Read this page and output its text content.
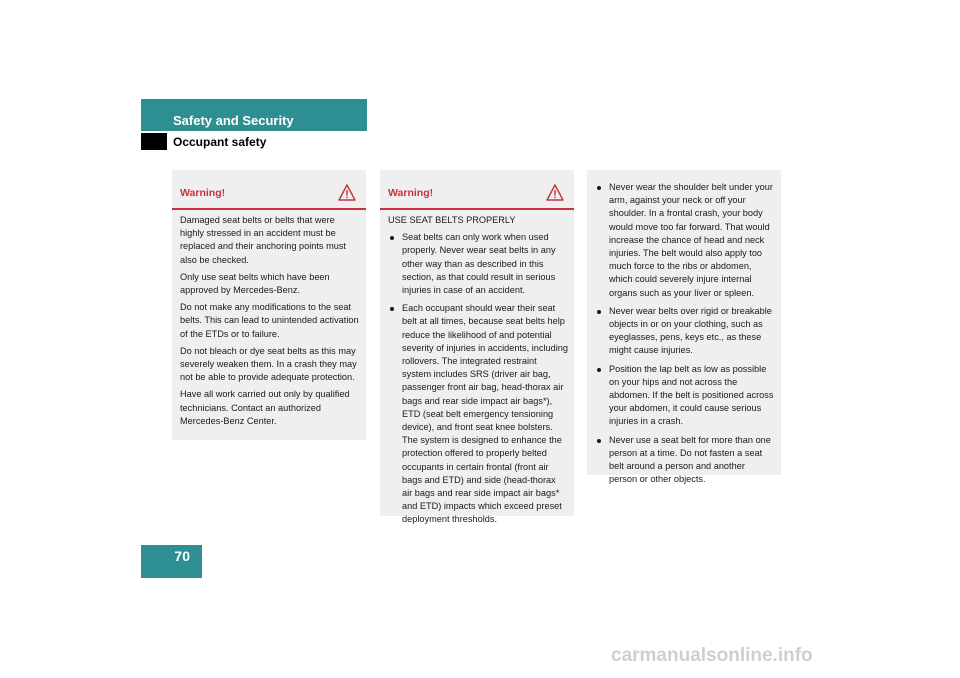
Safety and Security
Occupant safety
Warning!

Damaged seat belts or belts that were highly stressed in an accident must be replaced and their anchoring points must also be checked.

Only use seat belts which have been approved by Mercedes-Benz.

Do not make any modifications to the seat belts. This can lead to unintended activation of the ETDs or to failure.

Do not bleach or dye seat belts as this may severely weaken them. In a crash they may not be able to provide adequate protection.

Have all work carried out only by qualified technicians. Contact an authorized Mercedes-Benz Center.

Warning!
USE SEAT BELTS PROPERLY
Seat belts can only work when used properly. Never wear seat belts in any other way than as described in this section, as that could result in serious injuries in case of an accident.
Each occupant should wear their seat belt at all times, because seat belts help reduce the likelihood of and potential severity of injuries in accidents, including rollovers. The integrated restraint system includes SRS (driver air bag, passenger front air bag, head-thorax air bags and rear side impact air bags*), ETD (seat belt emergency tensioning device), and front seat knee bolsters. The system is designed to enhance the protection offered to properly belted occupants in certain frontal (front air bags and ETD) and side (head-thorax air bags and rear side impact air bags* and ETD) impacts which exceed preset deployment thresholds.
Never wear the shoulder belt under your arm, against your neck or off your shoulder. In a frontal crash, your body would move too far forward. That would increase the chance of head and neck injuries. The belt would also apply too much force to the ribs or abdomen, which could severely injure internal organs such as your liver or spleen.
Never wear belts over rigid or breakable objects in or on your clothing, such as eyeglasses, pens, keys etc., as these might cause injuries.
Position the lap belt as low as possible on your hips and not across the abdomen. If the belt is positioned across your abdomen, it could cause serious injuries in a crash.
Never use a seat belt for more than one person at a time. Do not fasten a seat belt around a person and another person or other objects.
70
carmanualsonline.info
